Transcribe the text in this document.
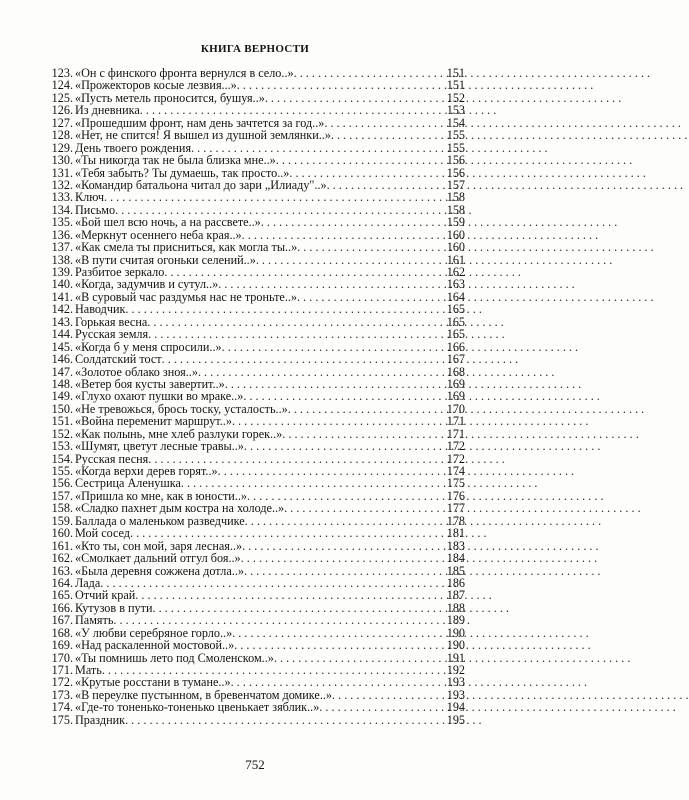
КНИГА ВЕРНОСТИ
123. «Он с финского фронта вернулся в село..» . . .	151
124. «Прожекторов косые лезвия...» . . .	151
125. «Пусть метель проносится, бушуя..» . . .	152
126. Из дневника . . .	153
127. «Прошедшим фронт, нам день зачтется за год..» . . .	154
128. «Нет, не спится! Я вышел из душной землянки..» . . .	155
129. День твоего рождения . . .	155
130. «Ты никогда так не была близка мне..» . . .	156
131. «Тебя забыть? Ты думаешь, так просто..» . . .	156
132. «Командир батальона читал до зари „Илиаду"..» . . .	157
133. Ключ . . .	158
134. Письмо . . .	158
135. «Бой шел всю ночь, а на рассвете..» . . .	159
136. «Меркнут осеннего неба края..» . . .	160
137. «Как смела ты присниться, как могла ты..» . . .	160
138. «В пути считая огоньки селений..» . . .	161
139. Разбитое зеркало . . .	162
140. «Когда, задумчив и сутул..» . . .	163
141. «В суровый час раздумья нас не троньте..» . . .	164
142. Наводчик . . .	165
143. Горькая весна . . .	165
144. Русская земля . . .	165
145. «Когда б у меня спросили..» . . .	166
146. Солдатский тост . . .	167
147. «Золотое облако зноя..» . . .	168
148. «Ветер боя кусты завертит..» . . .	169
149. «Глухо охают пушки во мраке..» . . .	169
150. «Не тревожься, брось тоску, усталость..» . . .	170
151. «Война переменит маршрут..» . . .	171
152. «Как полынь, мне хлеб разлуки горек..» . . .	171
153. «Шумят, цветут лесные травы..» . . .	172
154. Русская песня . . .	172
155. «Когда верхи дерев горят..» . . .	174
156. Сестрица Аленушка . . .	175
157. «Пришла ко мне, как в юности..» . . .	176
158. «Сладко пахнет дым костра на холоде..» . . .	177
159. Баллада о маленьком разведчике . . .	178
160. Мой сосед . . .	181
161. «Кто ты, сон мой, заря лесная..» . . .	183
162. «Смолкает дальний отгул боя..» . . .	184
163. «Была деревня сожжена дотла..» . . .	185
164. Лада . . .	186
165. Отчий край . . .	187
166. Кутузов в пути . . .	188
167. Память . . .	189
168. «У любви серебряное горло..» . . .	190
169. «Над раскаленной мостовой..» . . .	190
170. «Ты помнишь лето под Смоленском..» . . .	191
171. Мать . . .	192
172. «Крутые росстани в тумане..» . . .	193
173. «В переулке пустынном, в бревенчатом домике..» . . .	193
174. «Где-то тоненько-тоненько цвенькает зяблик..» . . .	194
175. Праздник . . .	195
752
